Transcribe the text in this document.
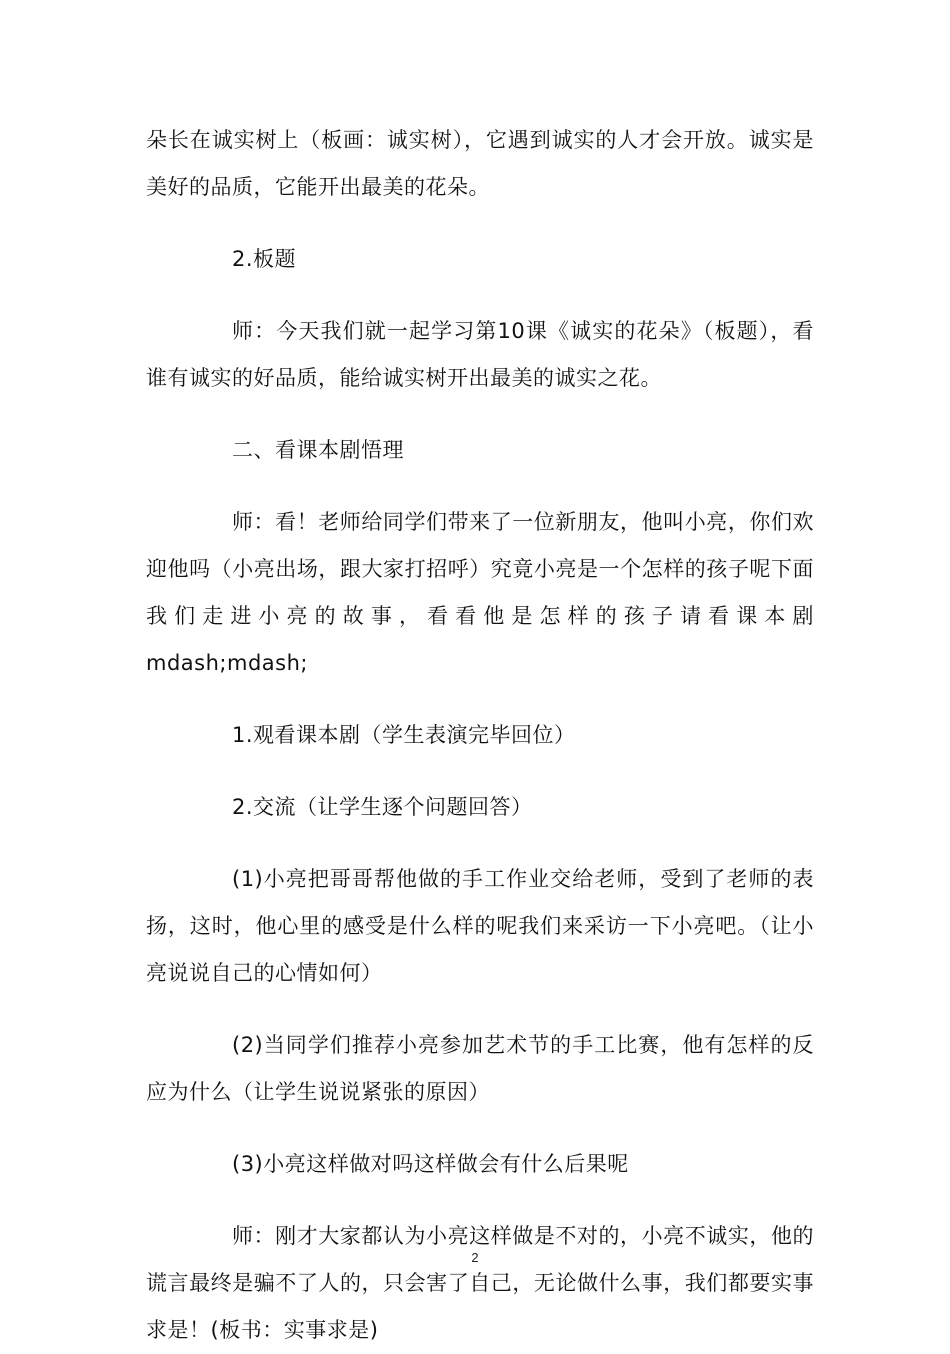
朵长在诚实树上（板画：诚实树），它遇到诚实的人才会开放。诚实是美好的品质，它能开出最美的花朵。

2.板题

师：今天我们就一起学习第10课《诚实的花朵》（板题），看谁有诚实的好品质，能给诚实树开出最美的诚实之花。

二、看课本剧悟理

师：看！老师给同学们带来了一位新朋友，他叫小亮，你们欢迎他吗（小亮出场，跟大家打招呼）究竟小亮是一个怎样的孩子呢下面我们走进小亮的故事，看看他是怎样的孩子请看课本剧mdash;mdash;

1.观看课本剧（学生表演完毕回位）

2.交流（让学生逐个问题回答）

(1)小亮把哥哥帮他做的手工作业交给老师，受到了老师的表扬，这时，他心里的感受是什么样的呢我们来采访一下小亮吧。（让小亮说说自己的心情如何）

(2)当同学们推荐小亮参加艺术节的手工比赛，他有怎样的反应为什么（让学生说说紧张的原因）

(3)小亮这样做对吗这样做会有什么后果呢

师：刚才大家都认为小亮这样做是不对的，小亮不诚实，他的谎言最终是骗不了人的，只会害了自己，无论做什么事，我们都要实事求是！(板书：实事求是)

2
